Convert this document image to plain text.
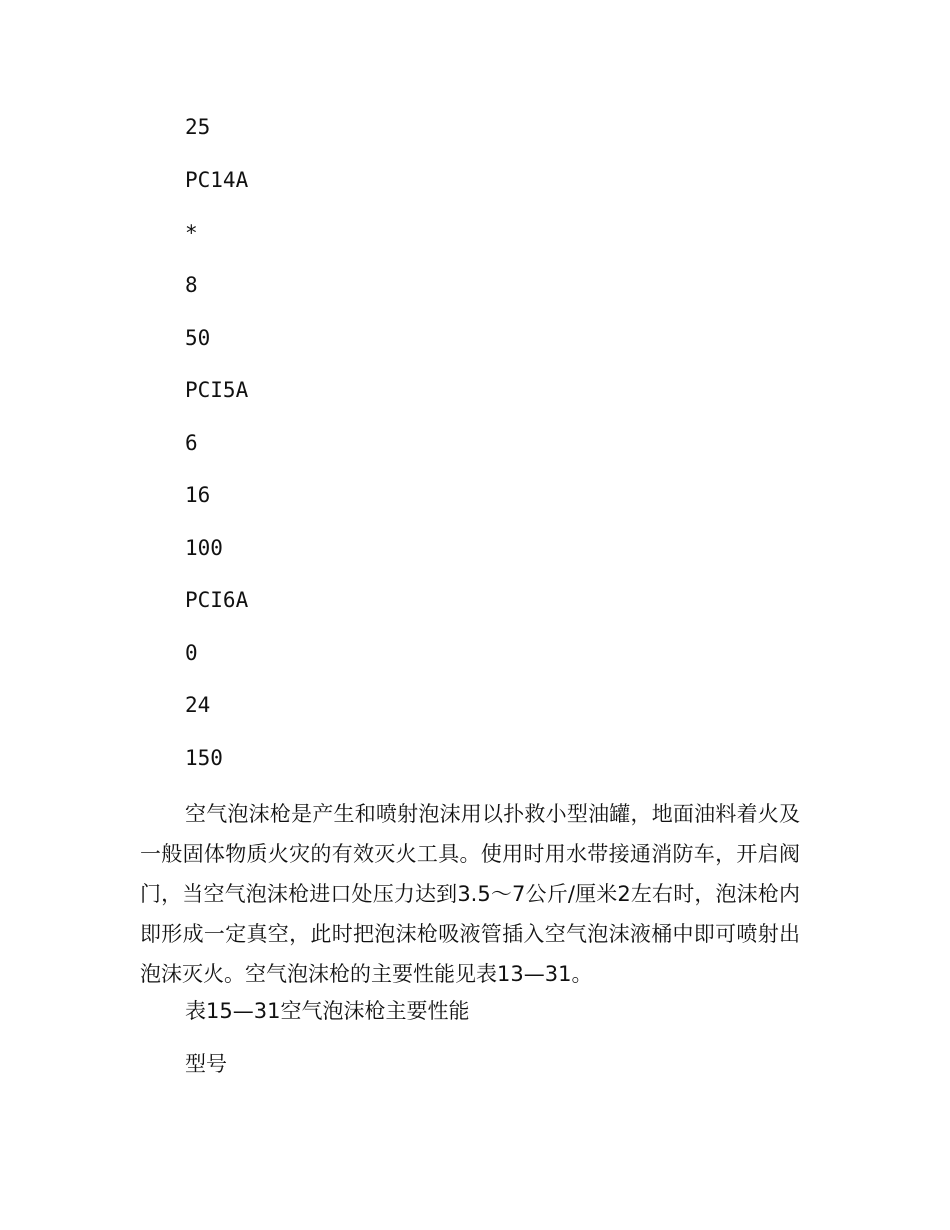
25
PC14A
*
8
50
PCI5A
6
16
100
PCI6A
0
24
150
空气泡沫枪是产生和喷射泡沫用以扑救小型油罐，地面油料着火及一般固体物质火灾的有效灭火工具。使用时用水带接通消防车，开启阀门，当空气泡沫枪进口处压力达到3.5～7公斤/厘米2左右时，泡沫枪内即形成一定真空，此时把泡沫枪吸液管插入空气泡沫液桶中即可喷射出泡沫灭火。空气泡沫枪的主要性能见表13—31。
表15—31空气泡沫枪主要性能
型号
